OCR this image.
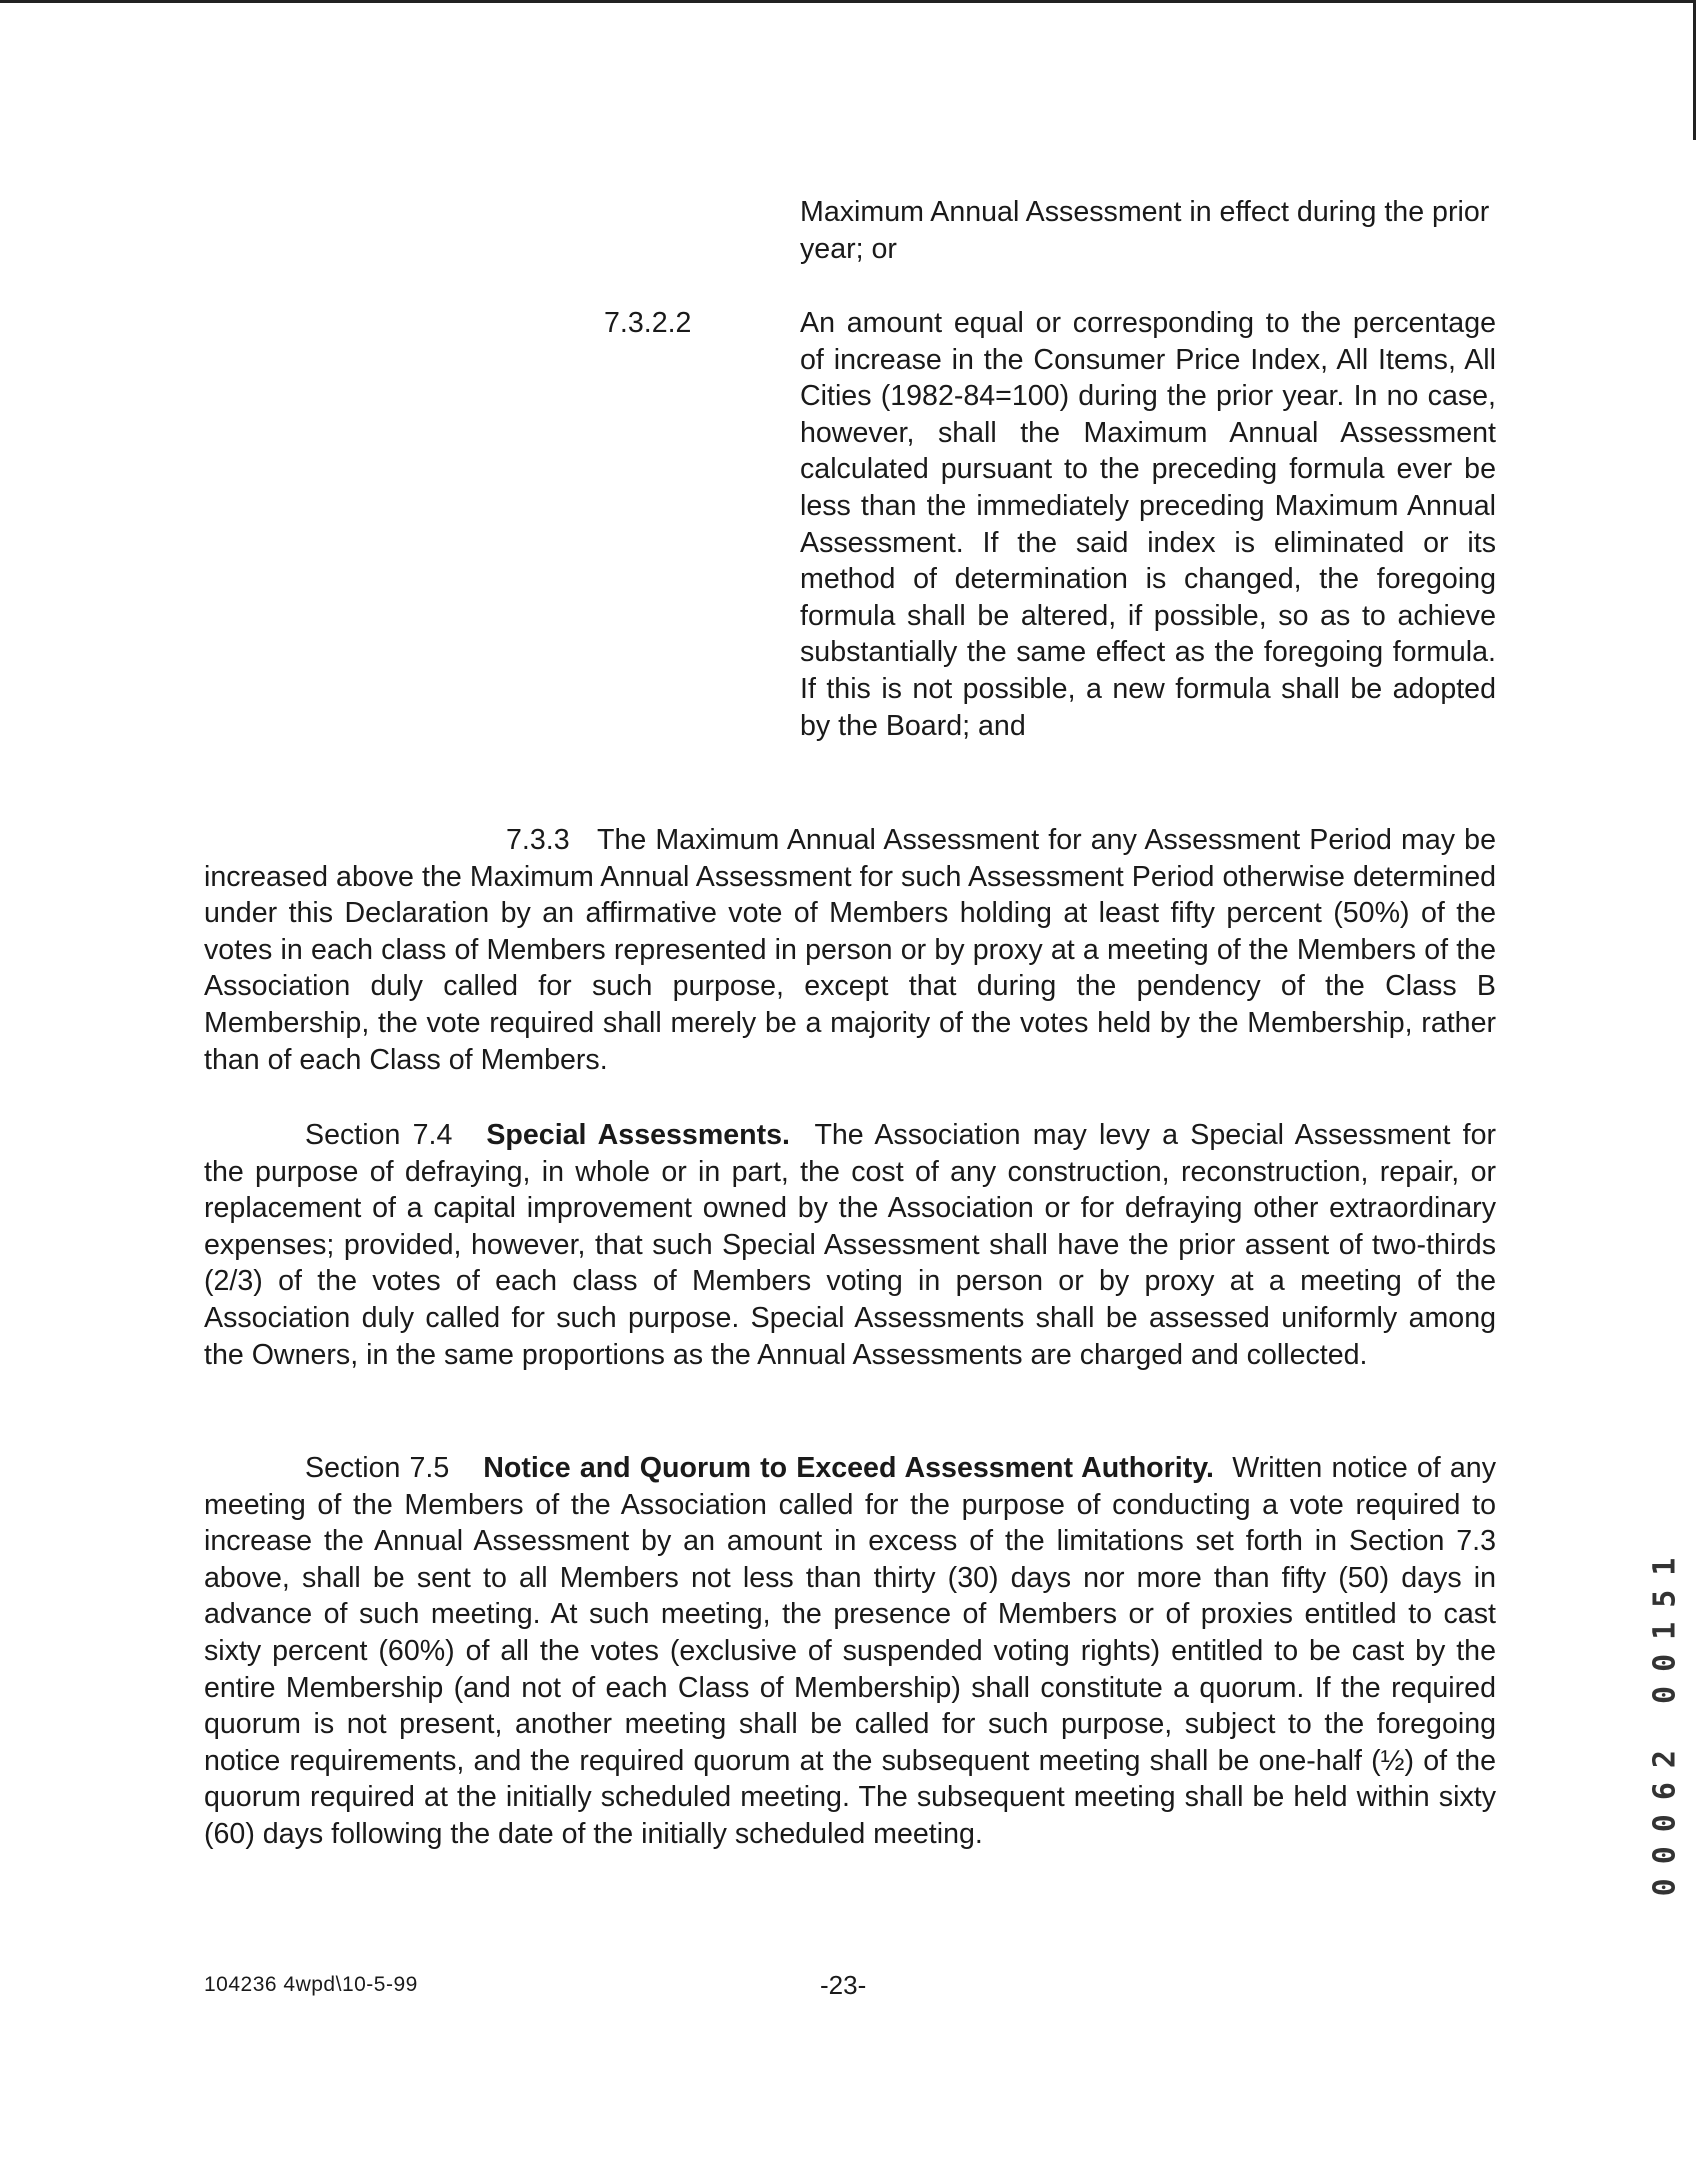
Maximum Annual Assessment in effect during the prior year; or
7.3.2.2	An amount equal or corresponding to the percentage of increase in the Consumer Price Index, All Items, All Cities (1982-84=100) during the prior year. In no case, however, shall the Maximum Annual Assessment calculated pursuant to the preceding formula ever be less than the immediately preceding Maximum Annual Assessment. If the said index is eliminated or its method of determination is changed, the foregoing formula shall be altered, if possible, so as to achieve substantially the same effect as the foregoing formula. If this is not possible, a new formula shall be adopted by the Board; and
7.3.3 The Maximum Annual Assessment for any Assessment Period may be increased above the Maximum Annual Assessment for such Assessment Period otherwise determined under this Declaration by an affirmative vote of Members holding at least fifty percent (50%) of the votes in each class of Members represented in person or by proxy at a meeting of the Members of the Association duly called for such purpose, except that during the pendency of the Class B Membership, the vote required shall merely be a majority of the votes held by the Membership, rather than of each Class of Members.
Section 7.4 Special Assessments. The Association may levy a Special Assessment for the purpose of defraying, in whole or in part, the cost of any construction, reconstruction, repair, or replacement of a capital improvement owned by the Association or for defraying other extraordinary expenses; provided, however, that such Special Assessment shall have the prior assent of two-thirds (2/3) of the votes of each class of Members voting in person or by proxy at a meeting of the Association duly called for such purpose. Special Assessments shall be assessed uniformly among the Owners, in the same proportions as the Annual Assessments are charged and collected.
Section 7.5 Notice and Quorum to Exceed Assessment Authority. Written notice of any meeting of the Members of the Association called for the purpose of conducting a vote required to increase the Annual Assessment by an amount in excess of the limitations set forth in Section 7.3 above, shall be sent to all Members not less than thirty (30) days nor more than fifty (50) days in advance of such meeting. At such meeting, the presence of Members or of proxies entitled to cast sixty percent (60%) of all the votes (exclusive of suspended voting rights) entitled to be cast by the entire Membership (and not of each Class of Membership) shall constitute a quorum. If the required quorum is not present, another meeting shall be called for such purpose, subject to the foregoing notice requirements, and the required quorum at the subsequent meeting shall be one-half (½) of the quorum required at the initially scheduled meeting. The subsequent meeting shall be held within sixty (60) days following the date of the initially scheduled meeting.
104236 4wpd\10-5-99	-23-
00062 00151
